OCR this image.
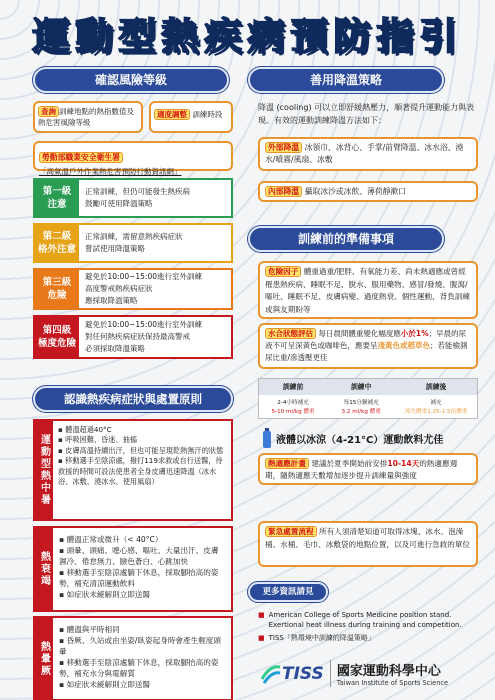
運動型熱疾病預防指引
確認風險等級
查詢 訓練地點的熱指數值及熱危害風險等級
適度調整 訓練時段
勞動部職業安全衛生署
「高氣溫戶外作業熱危害預防行動資訊網」
第一級
注意
正常訓練，但仍可能發生熱疾病
鼓勵可使用降溫策略
第二級
格外注意
正常訓練，需留意熱疾病症狀
嘗試使用降溫策略
第三級
危險
避免於10:00~15:00進行室外訓練
高度警戒熱疾病症狀
應採取降溫策略
第四級
極度危險
避免於10:00~15:00進行室外訓練
對任何熱疾病症狀保持最高警戒
必須採取降溫策略
認識熱疾病症狀與處置原則
運動型熱中暑
▪ 體溫超過40°C
▪ 呼吸困難、昏迷、抽搐
▪ 皮膚高溫持續出汗，但也可能呈現乾熱無汗的狀態
▪ 移動選手至陰涼處，撥打119求救或自行送醫，待救援的時間可設法使患者全身皮膚迅速降溫（冰水浴、冰敷、澆冰水、使用風扇）
熱衰竭
▪ 體溫正常或微升（< 40°C）
▪ 頭暈、頭痛、噁心感、嘔吐、大量出汗、皮膚濕冷、倦怠無力、臉色蒼白、心跳加快
▪ 移動選手至陰涼處躺下休息，採取腳抬高的姿勢，補充清涼運動飲料
▪ 如症狀未緩解則立即送醫
熱暈厥
▪ 體溫與平時相同
▪ 昏厥、久站或由坐姿/臥姿起身時會產生輕度頭暈
▪ 移動選手至陰涼處躺下休息，採取腳抬高的姿勢，補充水分與電解質
▪ 如症狀未緩解則立即送醫
善用降溫策略
降溫 (cooling) 可以立即舒緩熱壓力，順著提升運動能力與表現。有效的運動訓練降溫方法如下：
外部降溫 冰領巾、冰背心、手掌/前臂降溫、冰水浴、澆水/噴霧/風扇、冰敷
內部降溫 攝取冰沙或冰飲、薄荷靜漱口
訓練前的準備事項
危險因子 體重過重/肥胖、有氧能力差、尚未熱適應或曾經罹患熱疾病、睡眠不足、脫水、服用藥物、感冒/發燒、腹瀉/嘔吐、睡眠不足、皮膚病變、過度熱衰、個性運動、背負訓練或與友期盼等
水合狀態評估 每日晨間體重變化幅度應小於1%；早晨的尿液不可呈深黃色或咖啡色，應要呈淺黃色或稻草色；若能檢測尿比重/滲透壓更佳
訓練前	訓練中	訓練後
2-4小時補充	每15分鐘補充	補充
5-10 ml/kg 體重	3.2 ml/kg 體重	流失體重1.25-1.5倍體重
液體以冰涼（4-21°C）運動飲料尤佳
熱適應計畫 建議於夏季開始前安排10-14天的熱適應週期，隨熱適應天數增加逐步提升訓練量與強度
緊急處置流程 所有人須清楚知道可取得冰塊、冰水、泡澡桶、水桶、毛巾、冰敷袋的地點位置，以及可進行急救的單位
更多資訊請見
■ American College of Sports Medicine position stand. Exertional heat illness during training and competition.
■ TISS「熱環境中訓練的降溫策略」
TISS 國家運動科學中心
Taiwan Institute of Sports Science
